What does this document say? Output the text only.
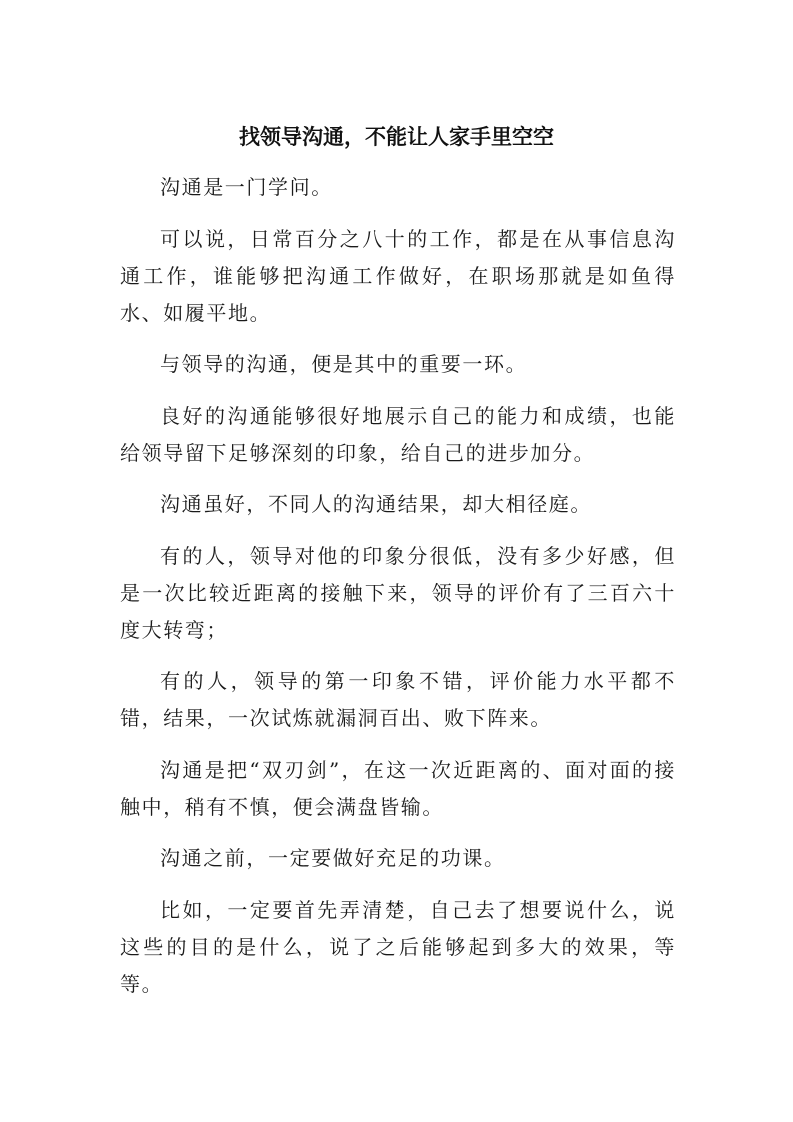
找领导沟通，不能让人家手里空空

沟通是一门学问。

可以说，日常百分之八十的工作，都是在从事信息沟通工作，谁能够把沟通工作做好，在职场那就是如鱼得水、如履平地。

与领导的沟通，便是其中的重要一环。

良好的沟通能够很好地展示自己的能力和成绩，也能给领导留下足够深刻的印象，给自己的进步加分。

沟通虽好，不同人的沟通结果，却大相径庭。

有的人，领导对他的印象分很低，没有多少好感，但是一次比较近距离的接触下来，领导的评价有了三百六十度大转弯；

有的人，领导的第一印象不错，评价能力水平都不错，结果，一次试炼就漏洞百出、败下阵来。

沟通是把“双刃剑”，在这一次近距离的、面对面的接触中，稍有不慎，便会满盘皆输。

沟通之前，一定要做好充足的功课。

比如，一定要首先弄清楚，自己去了想要说什么，说这些的目的是什么，说了之后能够起到多大的效果，等等。
